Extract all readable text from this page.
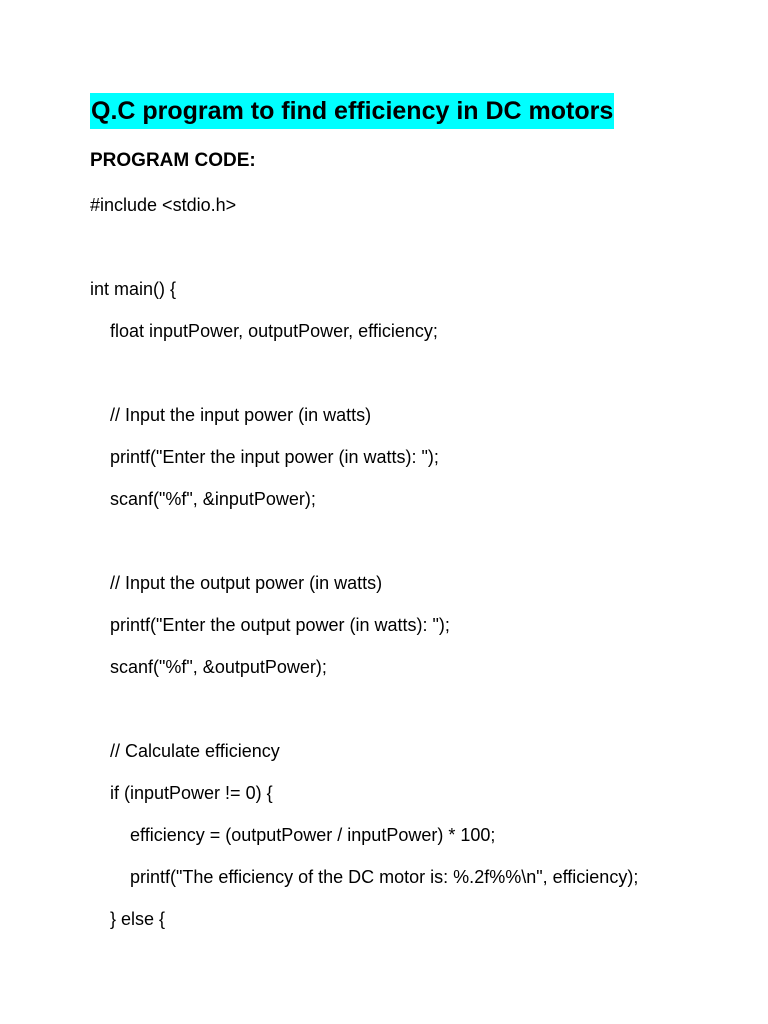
Q.C program to find efficiency in DC motors
PROGRAM CODE:
#include <stdio.h>
int main() {
float inputPower, outputPower, efficiency;
// Input the input power (in watts)
printf("Enter the input power (in watts): ");
scanf("%f", &inputPower);
// Input the output power (in watts)
printf("Enter the output power (in watts): ");
scanf("%f", &outputPower);
// Calculate efficiency
if (inputPower != 0) {
efficiency = (outputPower / inputPower) * 100;
printf("The efficiency of the DC motor is: %.2f%%\n", efficiency);
} else {
